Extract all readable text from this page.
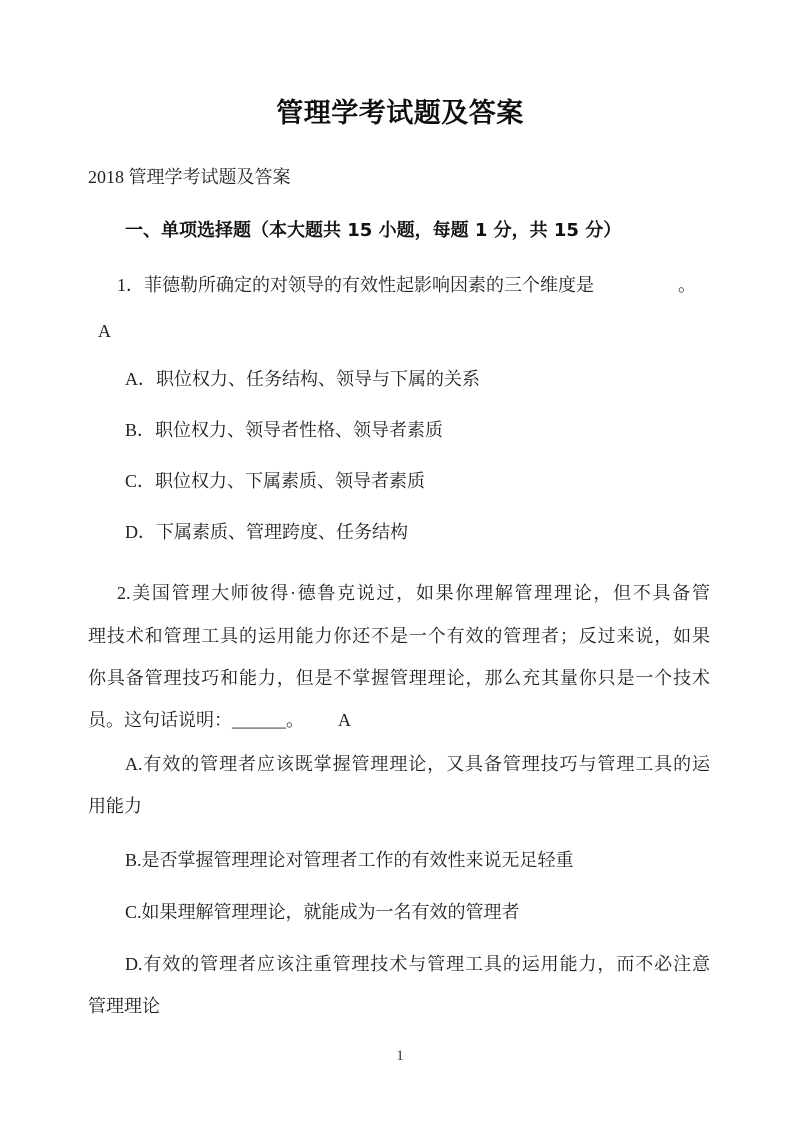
管理学考试题及答案
2018 管理学考试题及答案
一、单项选择题（本大题共 15 小题，每题 1 分，共 15 分）
1．菲德勒所确定的对领导的有效性起影响因素的三个维度是	。
A
A．职位权力、任务结构、领导与下属的关系
B．职位权力、领导者性格、领导者素质
C．职位权力、下属素质、领导者素质
D．下属素质、管理跨度、任务结构
2.美国管理大师彼得·德鲁克说过，如果你理解管理理论，但不具备管
理技术和管理工具的运用能力你还不是一个有效的管理者；反过来说，如果
你具备管理技巧和能力，但是不掌握管理理论，那么充其量你只是一个技术
员。这句话说明：______。 A
A.有效的管理者应该既掌握管理理论，又具备管理技巧与管理工具的运
用能力
B.是否掌握管理理论对管理者工作的有效性来说无足轻重
C.如果理解管理理论，就能成为一名有效的管理者
D.有效的管理者应该注重管理技术与管理工具的运用能力，而不必注意
管理理论
1
